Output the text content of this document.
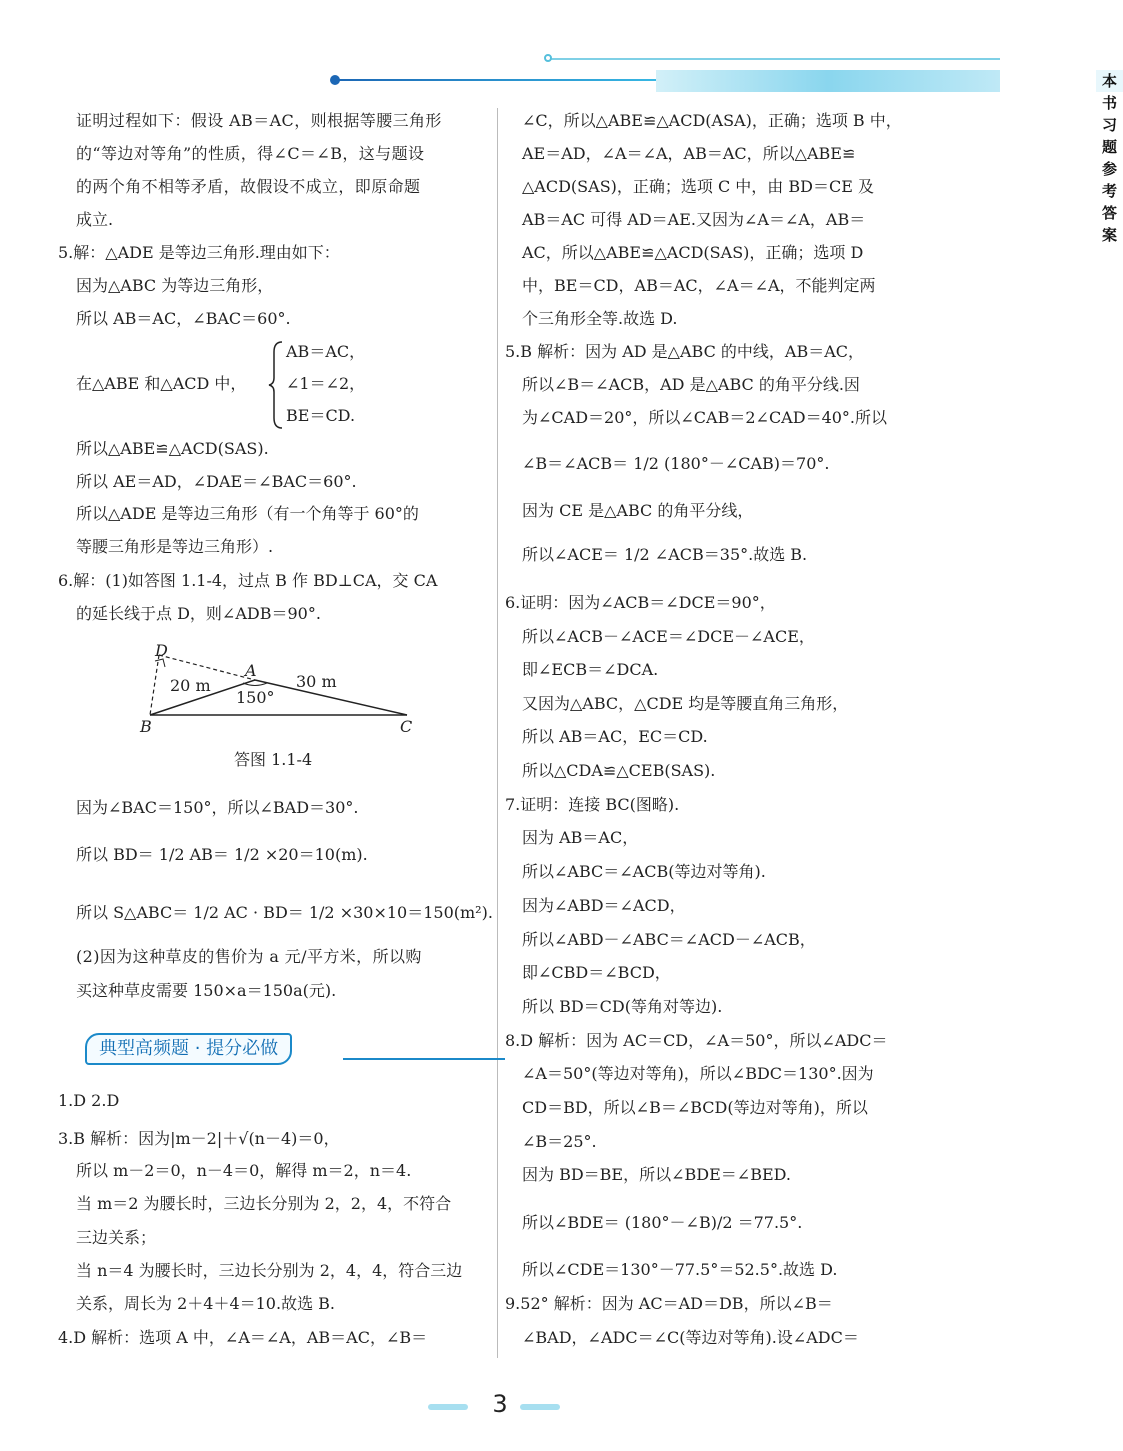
本书习题参考答案
证明过程如下：假设 AB＝AC，则根据等腰三角形
的“等边对等角”的性质，得∠C＝∠B，这与题设
的两个角不相等矛盾，故假设不成立，即原命题
成立.
5.解：△ADE 是等边三角形.理由如下：
因为△ABC 为等边三角形，
所以 AB＝AC，∠BAC＝60°.
AB＝AC，
在△ABE 和△ACD 中， ∠1＝∠2，
BE＝CD.
所以△ABE≌△ACD(SAS).
所以 AE＝AD，∠DAE＝∠BAC＝60°.
所以△ADE 是等边三角形（有一个角等于 60°的
等腰三角形是等边三角形）.
6.解：(1)如答图 1.1-4，过点 B 作 BD⊥CA，交 CA
的延长线于点 D，则∠ADB＝90°.
D
A
B	C
20 m	30 m
150°
答图 1.1-4
因为∠BAC＝150°，所以∠BAD＝30°.
所以 BD＝ 1/2 AB＝ 1/2 ×20＝10(m).
所以 S△ABC＝ 1/2 AC · BD＝ 1/2 ×30×10＝150(m²).
(2)因为这种草皮的售价为 a 元/平方米，所以购
买这种草皮需要 150×a＝150a(元).
典型高频题 · 提分必做
1.D 2.D
3.B 解析：因为|m－2|＋√(n－4)＝0，
所以 m－2＝0，n－4＝0，解得 m＝2，n＝4.
当 m＝2 为腰长时，三边长分别为 2，2，4，不符合
三边关系；
当 n＝4 为腰长时，三边长分别为 2，4，4，符合三边
关系，周长为 2＋4＋4＝10.故选 B.
4.D 解析：选项 A 中，∠A＝∠A，AB＝AC，∠B＝
∠C，所以△ABE≌△ACD(ASA)，正确；选项 B 中，
AE＝AD，∠A＝∠A，AB＝AC，所以△ABE≌
△ACD(SAS)，正确；选项 C 中，由 BD＝CE 及
AB＝AC 可得 AD＝AE.又因为∠A＝∠A，AB＝
AC，所以△ABE≌△ACD(SAS)，正确；选项 D
中，BE＝CD，AB＝AC，∠A＝∠A，不能判定两
个三角形全等.故选 D.
5.B 解析：因为 AD 是△ABC 的中线，AB＝AC，
所以∠B＝∠ACB，AD 是△ABC 的角平分线.因
为∠CAD＝20°，所以∠CAB＝2∠CAD＝40°.所以
∠B＝∠ACB＝ 1/2 (180°－∠CAB)＝70°.
因为 CE 是△ABC 的角平分线，
所以∠ACE＝ 1/2 ∠ACB＝35°.故选 B.
6.证明：因为∠ACB＝∠DCE＝90°，
所以∠ACB－∠ACE＝∠DCE－∠ACE，
即∠ECB＝∠DCA.
又因为△ABC，△CDE 均是等腰直角三角形，
所以 AB＝AC，EC＝CD.
所以△CDA≌△CEB(SAS).
7.证明：连接 BC(图略).
因为 AB＝AC，
所以∠ABC＝∠ACB(等边对等角).
因为∠ABD＝∠ACD，
所以∠ABD－∠ABC＝∠ACD－∠ACB，
即∠CBD＝∠BCD，
所以 BD＝CD(等角对等边).
8.D 解析：因为 AC＝CD，∠A＝50°，所以∠ADC＝
∠A＝50°(等边对等角)，所以∠BDC＝130°.因为
CD＝BD，所以∠B＝∠BCD(等边对等角)，所以
∠B＝25°.
因为 BD＝BE，所以∠BDE＝∠BED.
所以∠BDE＝ (180°－∠B)/2 ＝77.5°.
所以∠CDE＝130°－77.5°＝52.5°.故选 D.
9.52° 解析：因为 AC＝AD＝DB，所以∠B＝
∠BAD，∠ADC＝∠C(等边对等角).设∠ADC＝
3
